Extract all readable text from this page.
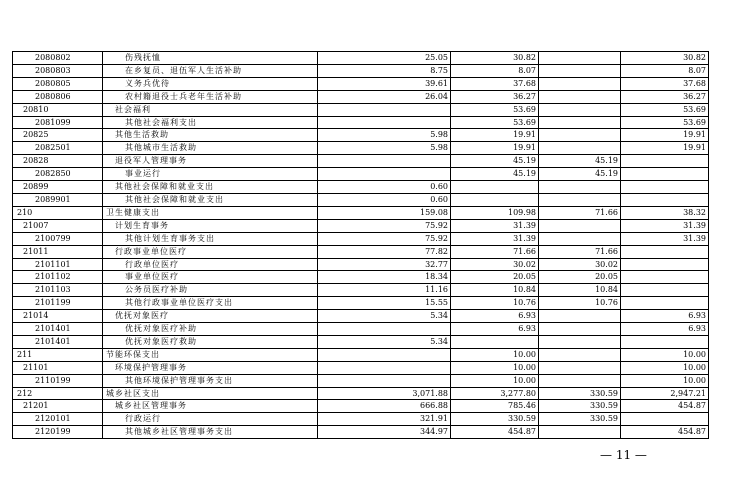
2080802	伤残抚恤	25.05	30.82		30.82
2080803	在乡复员、退伍军人生活补助	8.75	8.07		8.07
2080805	义务兵优待	39.61	37.68		37.68
2080806	农村籍退役士兵老年生活补助	26.04	36.27		36.27
20810	社会福利		53.69		53.69
2081099	其他社会福利支出		53.69		53.69
20825	其他生活救助	5.98	19.91		19.91
2082501	其他城市生活救助	5.98	19.91		19.91
20828	退役军人管理事务		45.19	45.19	
2082850	事业运行		45.19	45.19	
20899	其他社会保障和就业支出	0.60			
2089901	其他社会保障和就业支出	0.60			
210	卫生健康支出	159.08	109.98	71.66	38.32
21007	计划生育事务	75.92	31.39		31.39
2100799	其他计划生育事务支出	75.92	31.39		31.39
21011	行政事业单位医疗	77.82	71.66	71.66	
2101101	行政单位医疗	32.77	30.02	30.02	
2101102	事业单位医疗	18.34	20.05	20.05	
2101103	公务员医疗补助	11.16	10.84	10.84	
2101199	其他行政事业单位医疗支出	15.55	10.76	10.76	
21014	优抚对象医疗	5.34	6.93		6.93
2101401	优抚对象医疗补助		6.93		6.93
2101401	优抚对象医疗救助	5.34			
211	节能环保支出		10.00		10.00
21101	环境保护管理事务		10.00		10.00
2110199	其他环境保护管理事务支出		10.00		10.00
212	城乡社区支出	3,071.88	3,277.80	330.59	2,947.21
21201	城乡社区管理事务	666.88	785.46	330.59	454.87
2120101	行政运行	321.91	330.59	330.59	
2120199	其他城乡社区管理事务支出	344.97	454.87		454.87
— 11 —
